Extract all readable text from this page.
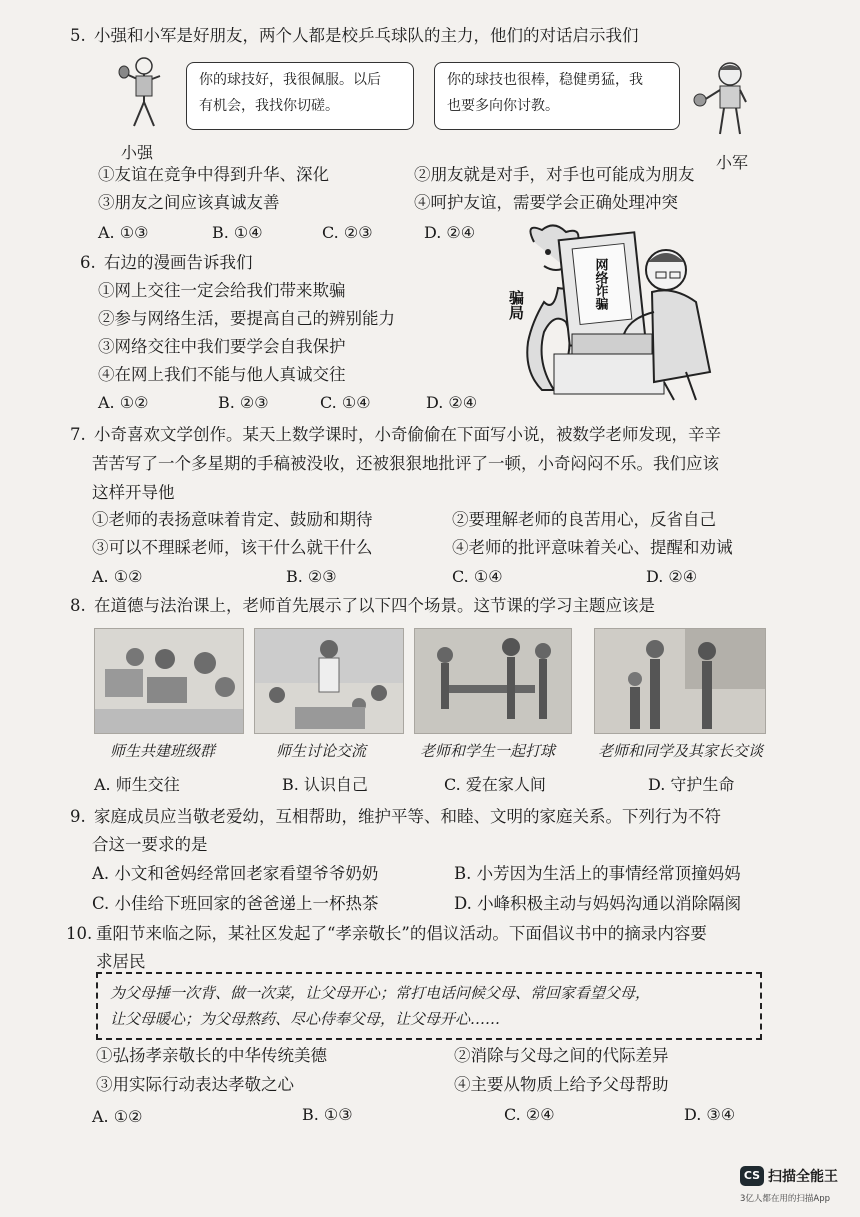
5. 小强和小军是好朋友，两个人都是校乒乓球队的主力，他们的对话启示我们
你的球技好，我很佩服。以后
有机会，我找你切磋。
你的球技也很棒，稳健勇猛，我
也要多向你讨教。
小强
小军
①友谊在竞争中得到升华、深化	②朋友就是对手，对手也可能成为朋友
③朋友之间应该真诚友善	④呵护友谊，需要学会正确处理冲突
A. ①③	B. ①④	C. ②③	D. ②④
6. 右边的漫画告诉我们
①网上交往一定会给我们带来欺骗
②参与网络生活，要提高自己的辨别能力
③网络交往中我们要学会自我保护
④在网上我们不能与他人真诚交往
A. ①②	B. ②③	C. ①④	D. ②④
骗局	网络诈骗
7. 小奇喜欢文学创作。某天上数学课时，小奇偷偷在下面写小说，被数学老师发现，辛辛
苦苦写了一个多星期的手稿被没收，还被狠狠地批评了一顿，小奇闷闷不乐。我们应该
这样开导他
①老师的表扬意味着肯定、鼓励和期待	②要理解老师的良苦用心，反省自己
③可以不理睬老师，该干什么就干什么	④老师的批评意味着关心、提醒和劝诫
A. ①②	B. ②③	C. ①④	D. ②④
8. 在道德与法治课上，老师首先展示了以下四个场景。这节课的学习主题应该是
师生共建班级群	师生讨论交流	老师和学生一起打球	老师和同学及其家长交谈
A. 师生交往	B. 认识自己	C. 爱在家人间	D. 守护生命
9. 家庭成员应当敬老爱幼，互相帮助，维护平等、和睦、文明的家庭关系。下列行为不符
合这一要求的是
A. 小文和爸妈经常回老家看望爷爷奶奶	B. 小芳因为生活上的事情经常顶撞妈妈
C. 小佳给下班回家的爸爸递上一杯热茶	D. 小峰积极主动与妈妈沟通以消除隔阂
10. 重阳节来临之际，某社区发起了“孝亲敬长”的倡议活动。下面倡议书中的摘录内容要
求居民
为父母捶一次背、做一次菜，让父母开心；常打电话问候父母、常回家看望父母，
让父母暖心；为父母熬药、尽心侍奉父母，让父母开心……
①弘扬孝亲敬长的中华传统美德	②消除与父母之间的代际差异
③用实际行动表达孝敬之心	④主要从物质上给予父母帮助
A. ①②	B. ①③	C. ②④	D. ③④
CS 扫描全能王
3亿人都在用的扫描App
